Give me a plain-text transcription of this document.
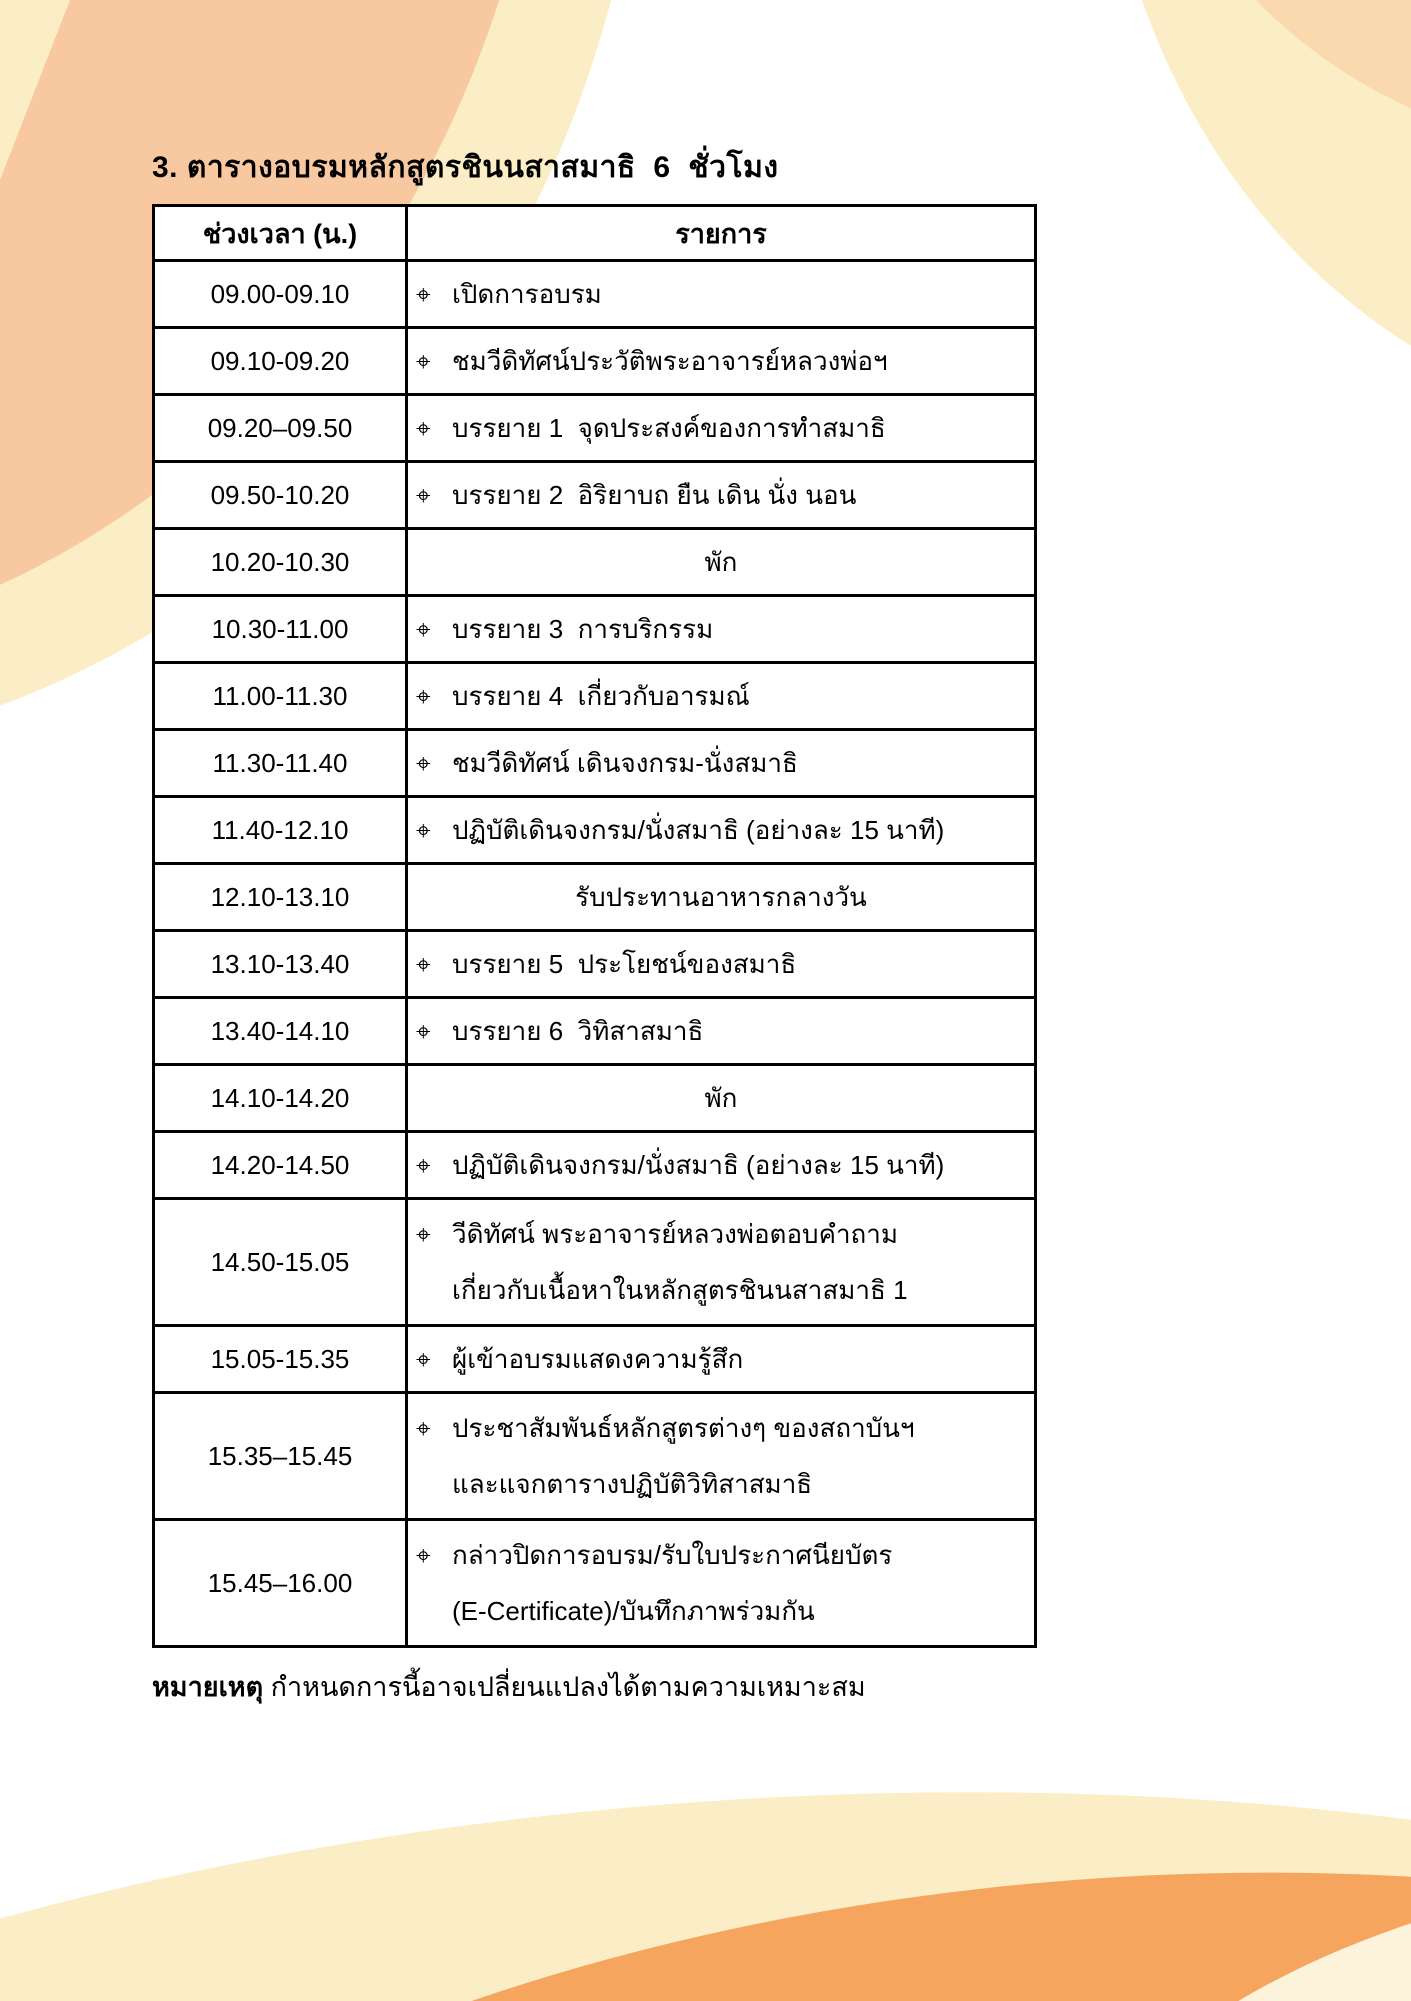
3. ตารางอบรมหลักสูตรชินนสาสมาธิ  6  ชั่วโมง
ช่วงเวลา (น.)	รายการ
09.00-09.10	⌖ เปิดการอบรม

09.10-09.20	⌖ ชมวีดิทัศน์ประวัติพระอาจารย์หลวงพ่อฯ

09.20–09.50	⌖ บรรยาย 1  จุดประสงค์ของการทำสมาธิ

09.50-10.20	⌖ บรรยาย 2  อิริยาบถ ยืน เดิน นั่ง นอน

10.20-10.30	พัก

10.30-11.00	⌖ บรรยาย 3  การบริกรรม

11.00-11.30	⌖ บรรยาย 4  เกี่ยวกับอารมณ์

11.30-11.40	⌖ ชมวีดิทัศน์ เดินจงกรม-นั่งสมาธิ

11.40-12.10	⌖ ปฏิบัติเดินจงกรม/นั่งสมาธิ (อย่างละ 15 นาที)

12.10-13.10	รับประทานอาหารกลางวัน

13.10-13.40	⌖ บรรยาย 5  ประโยชน์ของสมาธิ

13.40-14.10	⌖ บรรยาย 6  วิทิสาสมาธิ

14.10-14.20	พัก

14.20-14.50	⌖ ปฏิบัติเดินจงกรม/นั่งสมาธิ (อย่างละ 15 นาที)

14.50-15.05	⌖ วีดิทัศน์ พระอาจารย์หลวงพ่อตอบคำถาม
เกี่ยวกับเนื้อหาในหลักสูตรชินนสาสมาธิ 1

15.05-15.35	⌖ ผู้เข้าอบรมแสดงความรู้สึก

15.35–15.45	⌖ ประชาสัมพันธ์หลักสูตรต่างๆ ของสถาบันฯ
และแจกตารางปฏิบัติวิทิสาสมาธิ

15.45–16.00	⌖ กล่าวปิดการอบรม/รับใบประกาศนียบัตร
(E-Certificate)/บันทึกภาพร่วมกัน

หมายเหตุ กำหนดการนี้อาจเปลี่ยนแปลงได้ตามความเหมาะสม
